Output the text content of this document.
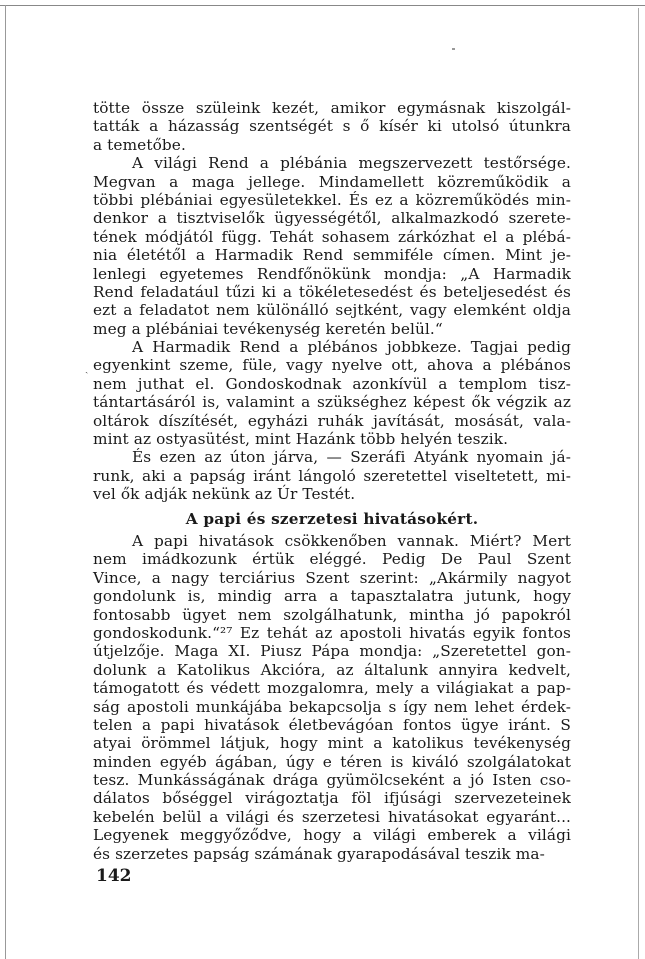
ˎ
tötte össze szüleink kezét, amikor egymásnak kiszolgál-
tatták a házasság szentségét s ő kísér ki utolsó útunkra
a temetőbe.
A világi Rend a plébánia megszervezett testőrsége.
Megvan a maga jellege. Mindamellett közreműködik a
többi plébániai egyesületekkel. És ez a közreműködés min-
denkor a tisztviselők ügyességétől, alkalmazkodó szerete-
tének módjától függ. Tehát sohasem zárkózhat el a plébá-
nia életétől a Harmadik Rend semmiféle címen. Mint je-
lenlegi egyetemes Rendfőnökünk mondja: „A Harmadik
Rend feladatául tűzi ki a tökéletesedést és beteljesedést és
ezt a feladatot nem különálló sejtként, vagy elemként oldja
meg a plébániai tevékenység keretén belül.“
A Harmadik Rend a plébános jobbkeze. Tagjai pedig
egyenkint szeme, füle, vagy nyelve ott, ahova a plébános
nem juthat el. Gondoskodnak azonkívül a templom tisz-
tántartásáról is, valamint a szükséghez képest ők végzik az
oltárok díszítését, egyházi ruhák javítását, mosását, vala-
mint az ostyasütést, mint Hazánk több helyén teszik.
És ezen az úton járva, — Szeráfi Atyánk nyomain já-
runk, aki a papság iránt lángoló szeretettel viseltetett, mi-
vel ők adják nekünk az Úr Testét.
A papi és szerzetesi hivatásokért.
A papi hivatások csökkenőben vannak. Miért? Mert
nem imádkozunk értük eléggé. Pedig De Paul Szent
Vince, a nagy terciárius Szent szerint: „Akármily nagyot
gondolunk is, mindig arra a tapasztalatra jutunk, hogy
fontosabb ügyet nem szolgálhatunk, mintha jó papokról
gondoskodunk.“²⁷ Ez tehát az apostoli hivatás egyik fontos
útjelzője. Maga XI. Piusz Pápa mondja: „Szeretettel gon-
dolunk a Katolikus Akcióra, az általunk annyira kedvelt,
támogatott és védett mozgalomra, mely a világiakat a pap-
ság apostoli munkájába bekapcsolja s így nem lehet érdek-
telen a papi hivatások életbevágóan fontos ügye iránt. S
atyai örömmel látjuk, hogy mint a katolikus tevékenység
minden egyéb ágában, úgy e téren is kiváló szolgálatokat
tesz. Munkásságának drága gyümölcseként a jó Isten cso-
dálatos bőséggel virágoztatja föl ifjúsági szervezeteinek
kebelén belül a világi és szerzetesi hivatásokat egyaránt...
Legyenek meggyőződve, hogy a világi emberek a világi
és szerzetes papság számának gyarapodásával teszik ma-
142
